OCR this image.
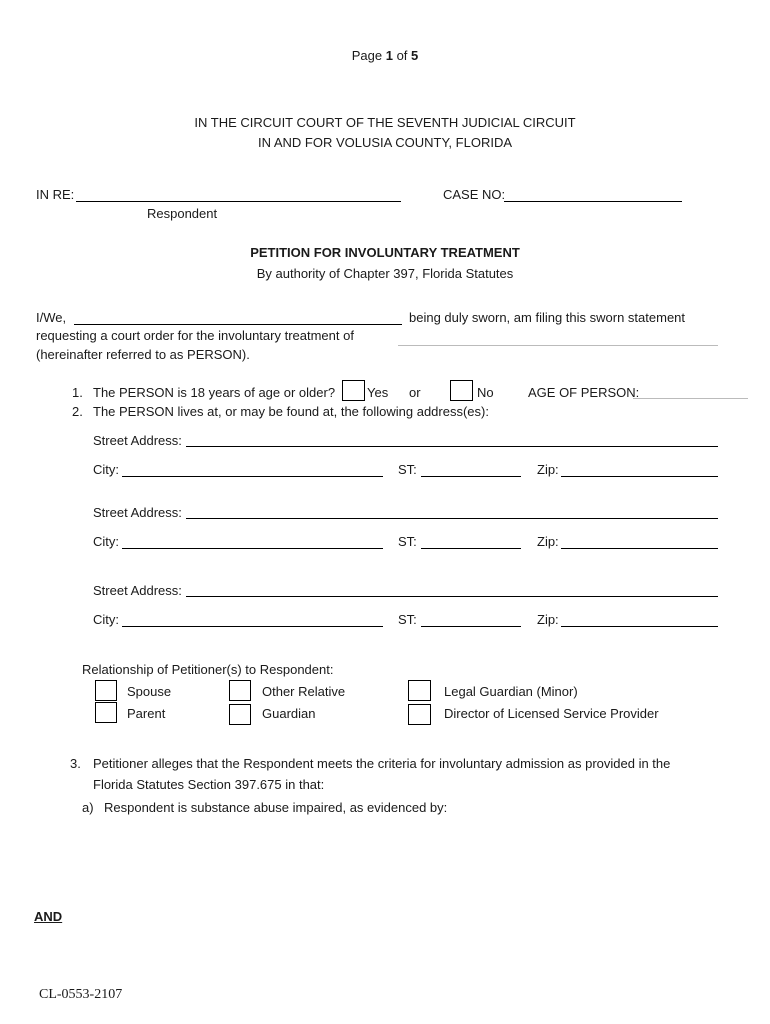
Page 1 of 5
IN THE CIRCUIT COURT OF THE SEVENTH JUDICIAL CIRCUIT
IN AND FOR VOLUSIA COUNTY, FLORIDA
IN RE:
Respondent
CASE NO:
PETITION FOR INVOLUNTARY TREATMENT
By authority of Chapter 397, Florida Statutes
I/We,	being duly sworn, am filing this sworn statement
requesting a court order for the involuntary treatment of
(hereinafter referred to as PERSON).
1. The PERSON is 18 years of age or older? Yes or	No	AGE OF PERSON:
2. The PERSON lives at, or may be found at, the following address(es):
Street Address:
City:	ST:	Zip:
Street Address:
City:	ST:	Zip:
Street Address:
City:	ST:	Zip:
Relationship of Petitioner(s) to Respondent:
Spouse	Other Relative	Legal Guardian (Minor)
Parent	Guardian	Director of Licensed Service Provider
3. Petitioner alleges that the Respondent meets the criteria for involuntary admission as provided in the
Florida Statutes Section 397.675 in that:
a) Respondent is substance abuse impaired, as evidenced by:
AND
CL-0553-2107
